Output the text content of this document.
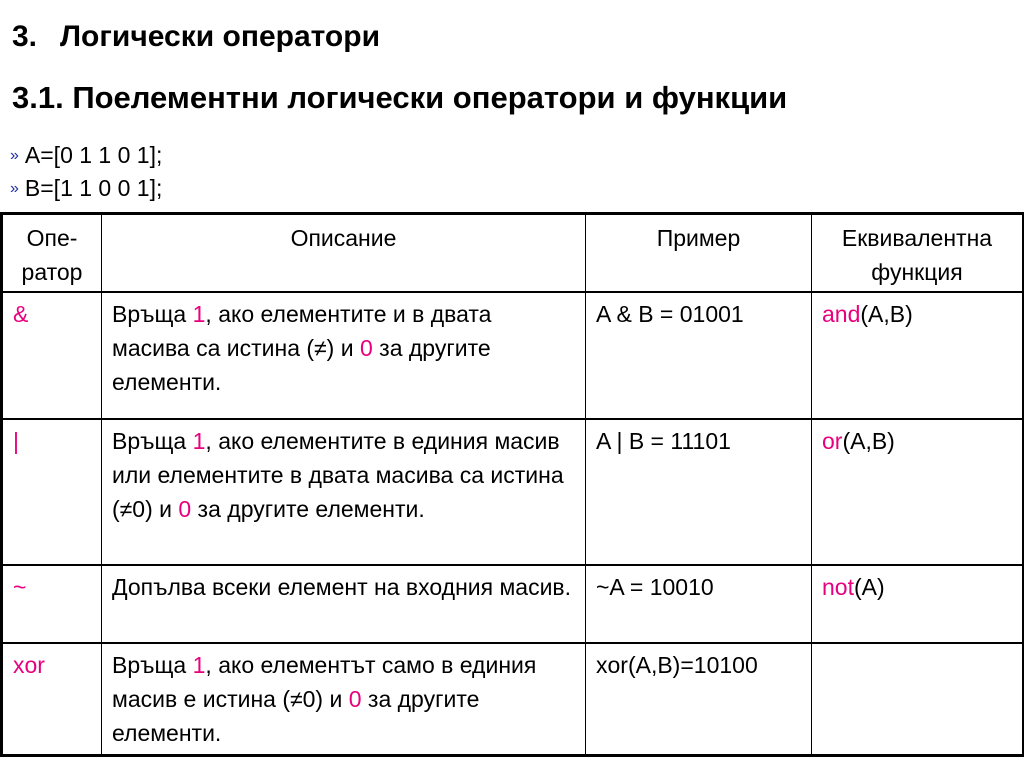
3. Логически оператори
3.1. Поелементни логически оператори и функции
» A=[0 1 1 0 1];
» B=[1 1 0 0 1];
Опе-
ратор	Описание	Пример	Еквивалентна
функция
&	Връща 1, ако елементите и в двата масива са истина (≠) и 0 за другите елементи.	A & B = 01001	and(A,B)
|	Връща 1, ако елементите в единия масив или елементите в двата масива са истина (≠0) и 0 за другите елементи.	A | B = 11101	or(A,B)
~	Допълва всеки елемент на входния масив.	~A = 10010	not(A)
xor	Връща 1, ако елементът само в единия масив е истина (≠0) и 0 за другите елементи.	xor(A,B)=10100	
